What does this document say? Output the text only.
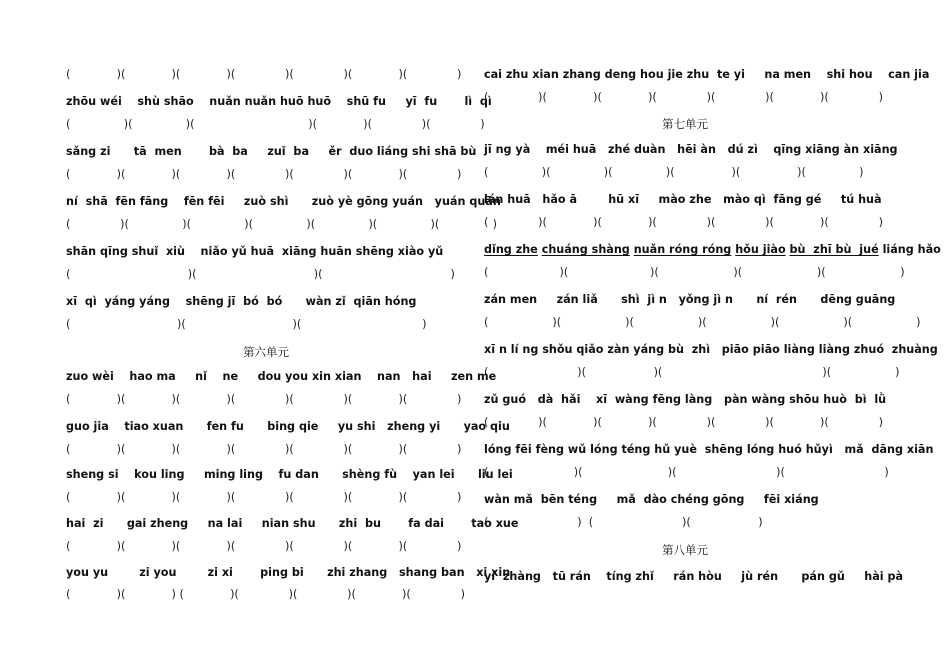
(             )(             )(             )(              )(              )(             )(              )
zhōu wéi    shù shāo    nuǎn nuǎn huō huō    shū fu     yī  fu       lì  qì
(               )(               )(                                )(             )(              )(              )
sǎng zi      tā  men       bà  ba     zuǐ  ba     ěr  duo liáng shi shā bù
(             )(             )(             )(              )(              )(             )(              )
ní  shā  fēn fāng    fēn fēi     zuò shì      zuò yè gōng yuán   yuán quān
(              )(               )(               )(               )(               )(               )(               )
shān qīng shuǐ  xiù    niǎo yǔ huā  xiāng huān shēng xiào yǔ
(                                 )(                                 )(                                    )
xī  qì  yáng yáng    shēng jī  bó  bó      wàn zǐ  qiān hóng
(                              )(                              )(                                  )
第六单元
zuo wèi    hao ma     nǐ    ne     dou you xin xian    nan   hai     zen me
(             )(             )(             )(              )(              )(             )(              )
guo jia    tiao xuan      fen fu      bing qie     yu shi   zheng yi      yao qiu
(             )(             )(             )(              )(              )(             )(              )
sheng si    kou ling     ming ling    fu dan      shèng fù    yan lei      liu lei
(             )(             )(             )(              )(              )(             )(              )
hai  zi      gai zheng     na lai     nian shu      zhi  bu       fa dai       tao xue
(             )(             )(             )(              )(              )(             )(              )
you yu        zi you        zi xi       ping bi      zhi zhang   shang ban   xi xin
(             )(             ) (             )(              )(              )(             )(              )
cai zhu xian zhang deng hou jie zhu  te yi     na men    shi hou    can jia
(              )(             )(             )(              )(              )(             )(              )
第七单元
jī ng yà    méi huā   zhé duàn   hēi àn   dú zì    qīng xiāng àn xiāng
(               )(               )(               )(                )(                )(               )
lán huā   hǎo ā        hū xī     mào zhe   mào qì  fāng gé     tú huà
(              )(             )(             )(              )(              )(             )(              )
dǐng zhe chuáng shàng nuǎn róng róng hǒu jiào bù  zhī bù  jué liáng hǎo
(                    )(                       )(                     )(                     )(                     )
zán men     zán liǎ      shì  jì n   yǒng jì n      ní  rén      dēng guāng
(                  )(                  )(                  )(                  )(                  )(                  )
xī n lí ng shǒu qiǎo zàn yáng bù  zhì   piāo piāo liàng liàng zhuó  zhuàng
(                         )(                   )(                                             )(                  )
zǔ guó   dà  hǎi    xī  wàng fēng làng   pàn wàng shōu huò  bì  lǜ
(              )(             )(             )(              )(              )(             )(              )
lóng fēi fèng wǔ lóng téng hǔ yuè  shēng lóng huó hǔyì   mǎ  dāng xiān
(                        )(                        )(                            )(                            )
wàn mǎ  bēn téng     mǎ  dào chéng gōng     fēi xiáng
(                         )  (                         )(                   )
第八单元
yí  zhàng   tū rán    tíng zhǐ     rán hòu     jù rén      pán gǔ     hài pà
